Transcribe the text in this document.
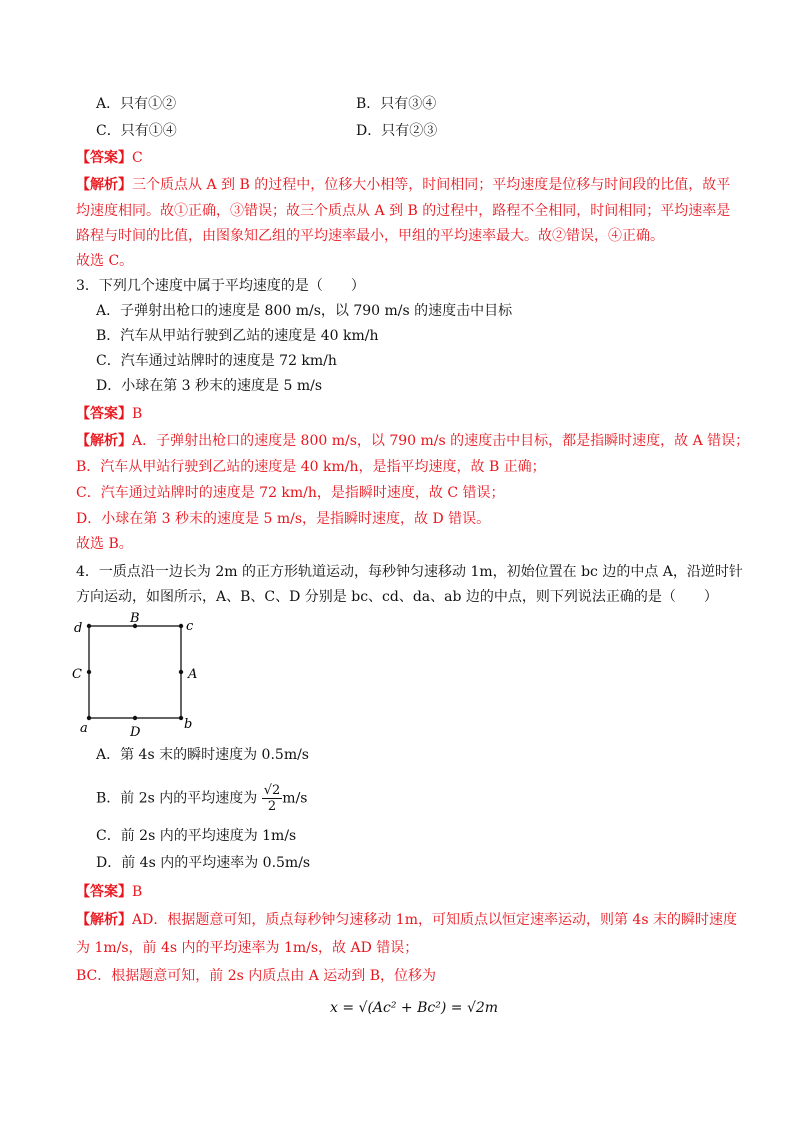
A．只有①②	B．只有③④
C．只有①④	D．只有②③
【答案】C
【解析】三个质点从 A 到 B 的过程中，位移大小相等，时间相同；平均速度是位移与时间段的比值，故平
均速度相同。故①正确，③错误；故三个质点从 A 到 B 的过程中，路程不全相同，时间相同；平均速率是
路程与时间的比值，由图象知乙组的平均速率最小，甲组的平均速率最大。故②错误，④正确。
故选 C。
3．下列几个速度中属于平均速度的是（　　）
A．子弹射出枪口的速度是 800 m/s，以 790 m/s 的速度击中目标
B．汽车从甲站行驶到乙站的速度是 40 km/h
C．汽车通过站牌时的速度是 72 km/h
D．小球在第 3 秒末的速度是 5 m/s
【答案】B
【解析】A．子弹射出枪口的速度是 800 m/s，以 790 m/s 的速度击中目标，都是指瞬时速度，故 A 错误；
B．汽车从甲站行驶到乙站的速度是 40 km/h，是指平均速度，故 B 正确；
C．汽车通过站牌时的速度是 72 km/h，是指瞬时速度，故 C 错误；
D．小球在第 3 秒末的速度是 5 m/s，是指瞬时速度，故 D 错误。
故选 B。
4．一质点沿一边长为 2m 的正方形轨道运动，每秒钟匀速移动 1m，初始位置在 bc 边的中点 A，沿逆时针
方向运动，如图所示，A、B、C、D 分别是 bc、cd、da、ab 边的中点，则下列说法正确的是（　　）
d	c
a	b
B
A
C
D
A．第 4s 末的瞬时速度为 0.5m/s
B．前 2s 内的平均速度为 $\frac{√2}{2} m/s$
C．前 2s 内的平均速度为 1m/s
D．前 4s 内的平均速率为 0.5m/s
【答案】B
【解析】AD．根据题意可知，质点每秒钟匀速移动 1m，可知质点以恒定速率运动，则第 4s 末的瞬时速度
为 1m/s，前 4s 内的平均速率为 1m/s，故 AD 错误；
BC．根据题意可知，前 2s 内质点由 A 运动到 B，位移为
x = √(Ac² + Bc²) = √2m
